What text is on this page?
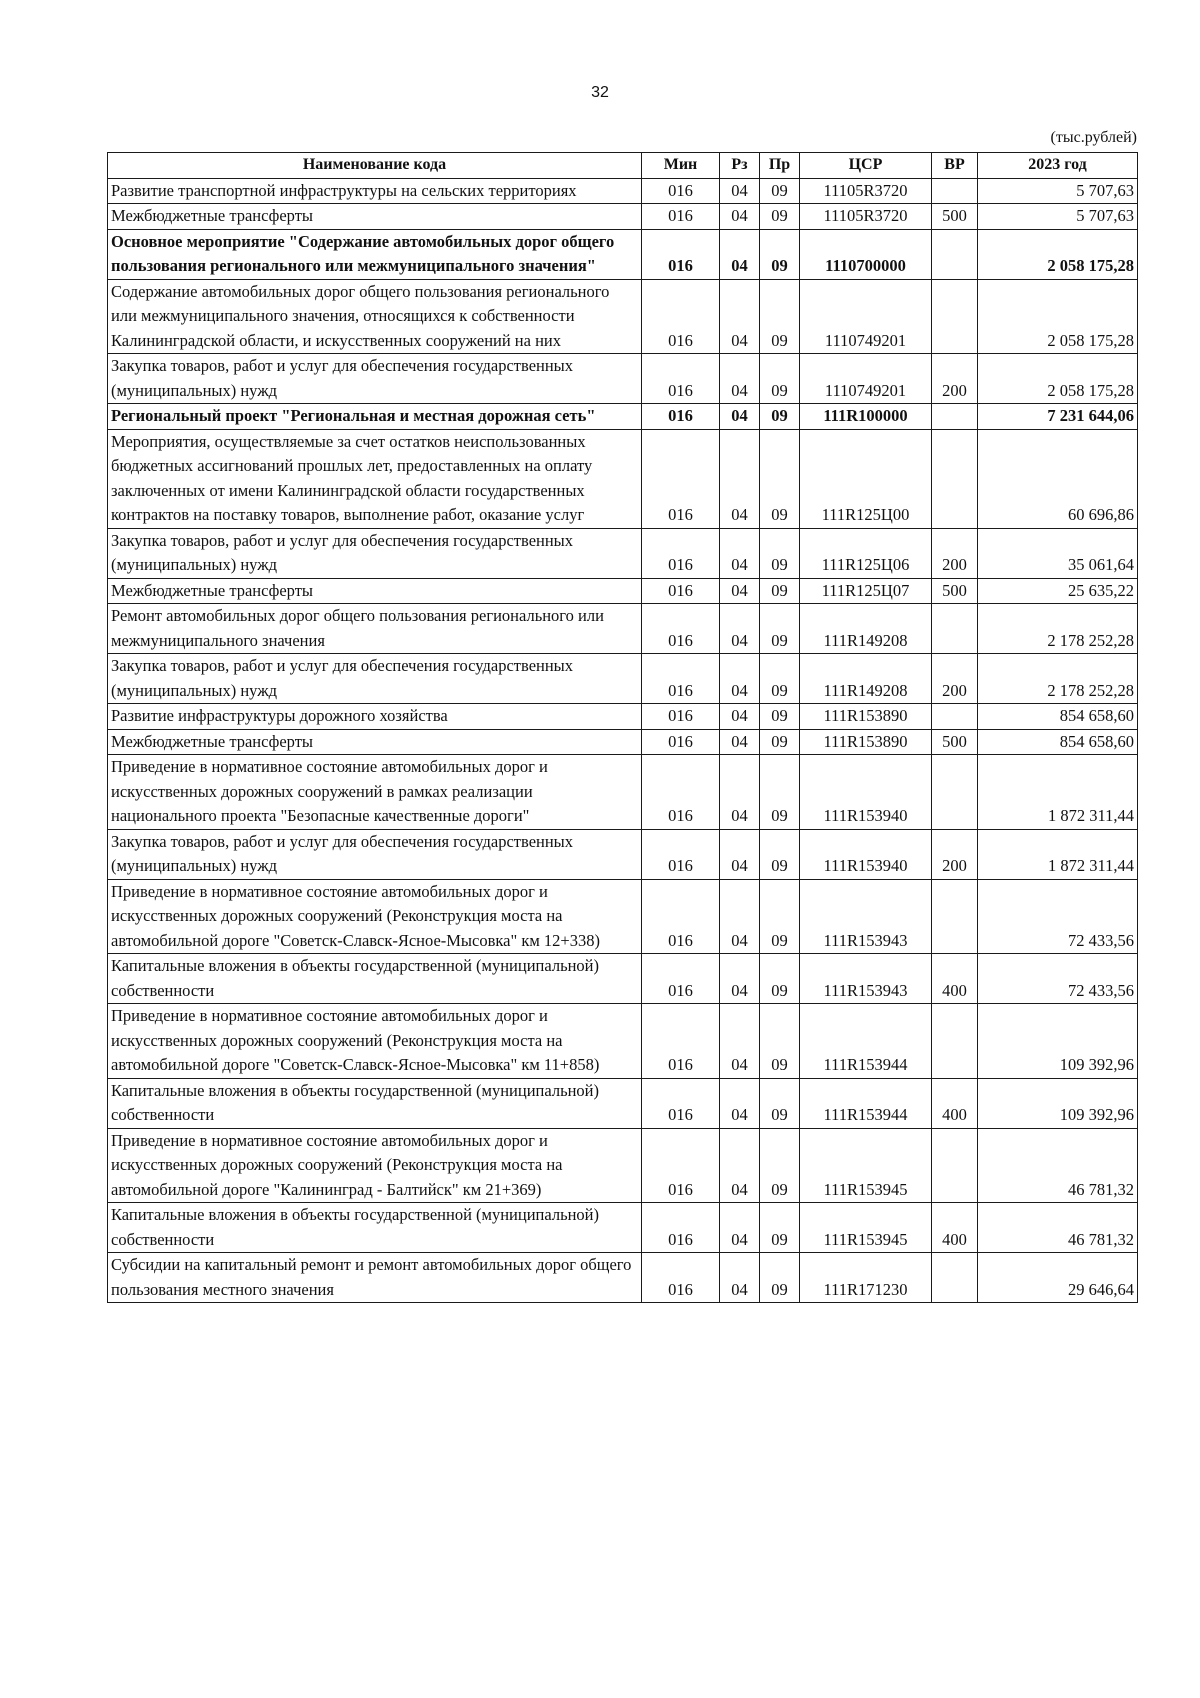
32
(тыс.рублей)
Наименование кода	Мин	Рз	Пр	ЦСР	ВР	2023 год
Развитие транспортной инфраструктуры на сельских территориях	016	04	09	11105R3720		5 707,63
Межбюджетные трансферты	016	04	09	11105R3720	500	5 707,63
Основное мероприятие "Содержание автомобильных дорог общего пользования регионального или межмуниципального значения"	016	04	09	1110700000		2 058 175,28
Содержание автомобильных дорог общего пользования регионального или межмуниципального значения, относящихся к собственности Калининградской области, и искусственных сооружений на них	016	04	09	1110749201		2 058 175,28
Закупка товаров, работ и услуг для обеспечения государственных (муниципальных) нужд	016	04	09	1110749201	200	2 058 175,28
Региональный проект "Региональная и местная дорожная сеть"	016	04	09	111R100000		7 231 644,06
Мероприятия, осуществляемые за счет остатков неиспользованных бюджетных ассигнований прошлых лет, предоставленных на оплату заключенных от имени Калининградской области государственных контрактов на поставку товаров, выполнение работ, оказание услуг	016	04	09	111R125Ц00		60 696,86
Закупка товаров, работ и услуг для обеспечения государственных (муниципальных) нужд	016	04	09	111R125Ц06	200	35 061,64
Межбюджетные трансферты	016	04	09	111R125Ц07	500	25 635,22
Ремонт автомобильных дорог общего пользования регионального или межмуниципального значения	016	04	09	111R149208		2 178 252,28
Закупка товаров, работ и услуг для обеспечения государственных (муниципальных) нужд	016	04	09	111R149208	200	2 178 252,28
Развитие инфраструктуры дорожного хозяйства	016	04	09	111R153890		854 658,60
Межбюджетные трансферты	016	04	09	111R153890	500	854 658,60
Приведение в нормативное состояние автомобильных дорог и искусственных дорожных сооружений в рамках реализации национального проекта "Безопасные качественные дороги"	016	04	09	111R153940		1 872 311,44
Закупка товаров, работ и услуг для обеспечения государственных (муниципальных) нужд	016	04	09	111R153940	200	1 872 311,44
Приведение в нормативное состояние автомобильных дорог и искусственных дорожных сооружений (Реконструкция моста на автомобильной дороге "Советск-Славск-Ясное-Мысовка" км 12+338)	016	04	09	111R153943		72 433,56
Капитальные вложения в объекты государственной (муниципальной) собственности	016	04	09	111R153943	400	72 433,56
Приведение в нормативное состояние автомобильных дорог и искусственных дорожных сооружений (Реконструкция моста на автомобильной дороге "Советск-Славск-Ясное-Мысовка" км 11+858)	016	04	09	111R153944		109 392,96
Капитальные вложения в объекты государственной (муниципальной) собственности	016	04	09	111R153944	400	109 392,96
Приведение в нормативное состояние автомобильных дорог и искусственных дорожных сооружений (Реконструкция моста на автомобильной дороге "Калининград - Балтийск" км 21+369)	016	04	09	111R153945		46 781,32
Капитальные вложения в объекты государственной (муниципальной) собственности	016	04	09	111R153945	400	46 781,32
Субсидии на капитальный ремонт и ремонт автомобильных дорог общего пользования местного значения	016	04	09	111R171230		29 646,64
